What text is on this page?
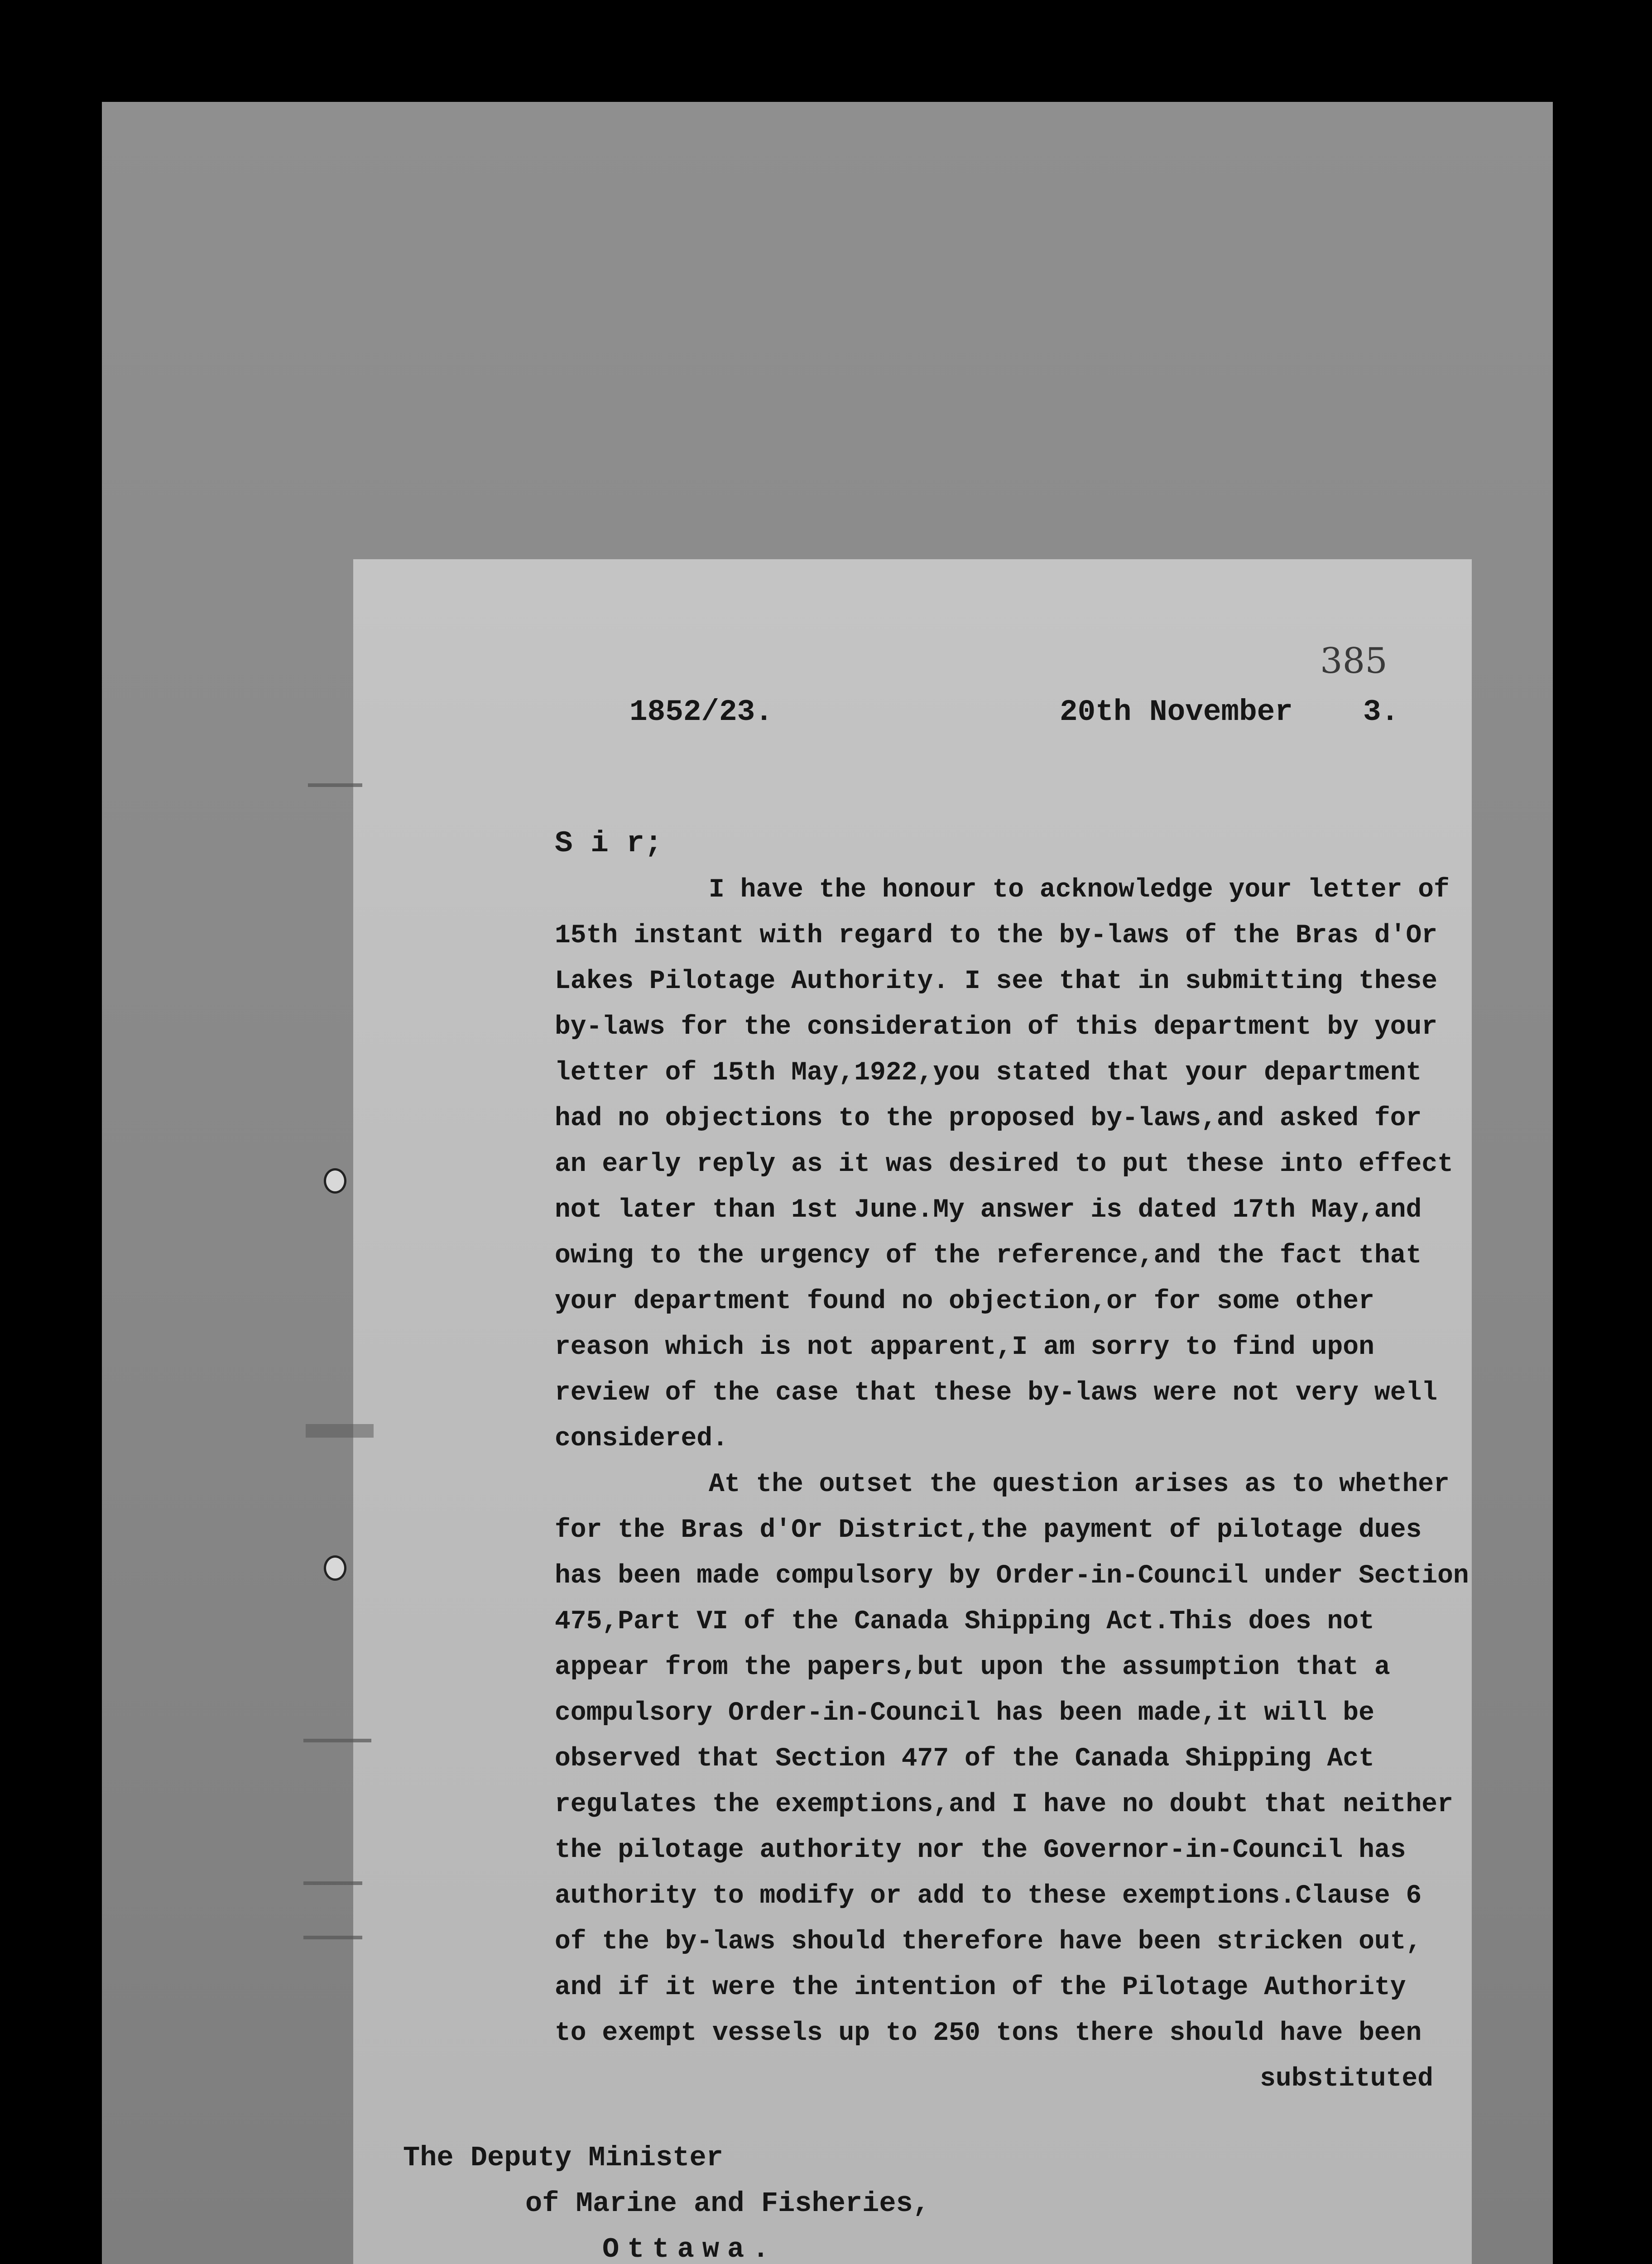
385
1852/23.	20th November 3.
S i r;
I have the honour to acknowledge your letter of
15th instant with regard to the by-laws of the Bras d'Or
Lakes Pilotage Authority. I see that in submitting these
by-laws for the consideration of this department by your
letter of 15th May,1922,you stated that your department
had no objections to the proposed by-laws,and asked for
an early reply as it was desired to put these into effect
not later than 1st June.My answer is dated 17th May,and
owing to the urgency of the reference,and the fact that
your department found no objection,or for some other
reason which is not apparent,I am sorry to find upon
review of the case that these by-laws were not very well
considered.
At the outset the question arises as to whether
for the Bras d'Or District,the payment of pilotage dues
has been made compulsory by Order-in-Council under Section
475,Part VI of the Canada Shipping Act.This does not
appear from the papers,but upon the assumption that a
compulsory Order-in-Council has been made,it will be
observed that Section 477 of the Canada Shipping Act
regulates the exemptions,and I have no doubt that neither
the pilotage authority nor the Governor-in-Council has
authority to modify or add to these exemptions.Clause 6
of the by-laws should therefore have been stricken out,
and if it were the intention of the Pilotage Authority
to exempt vessels up to 250 tons there should have been
substituted
The Deputy Minister
of Marine and Fisheries,
Ottawa.
